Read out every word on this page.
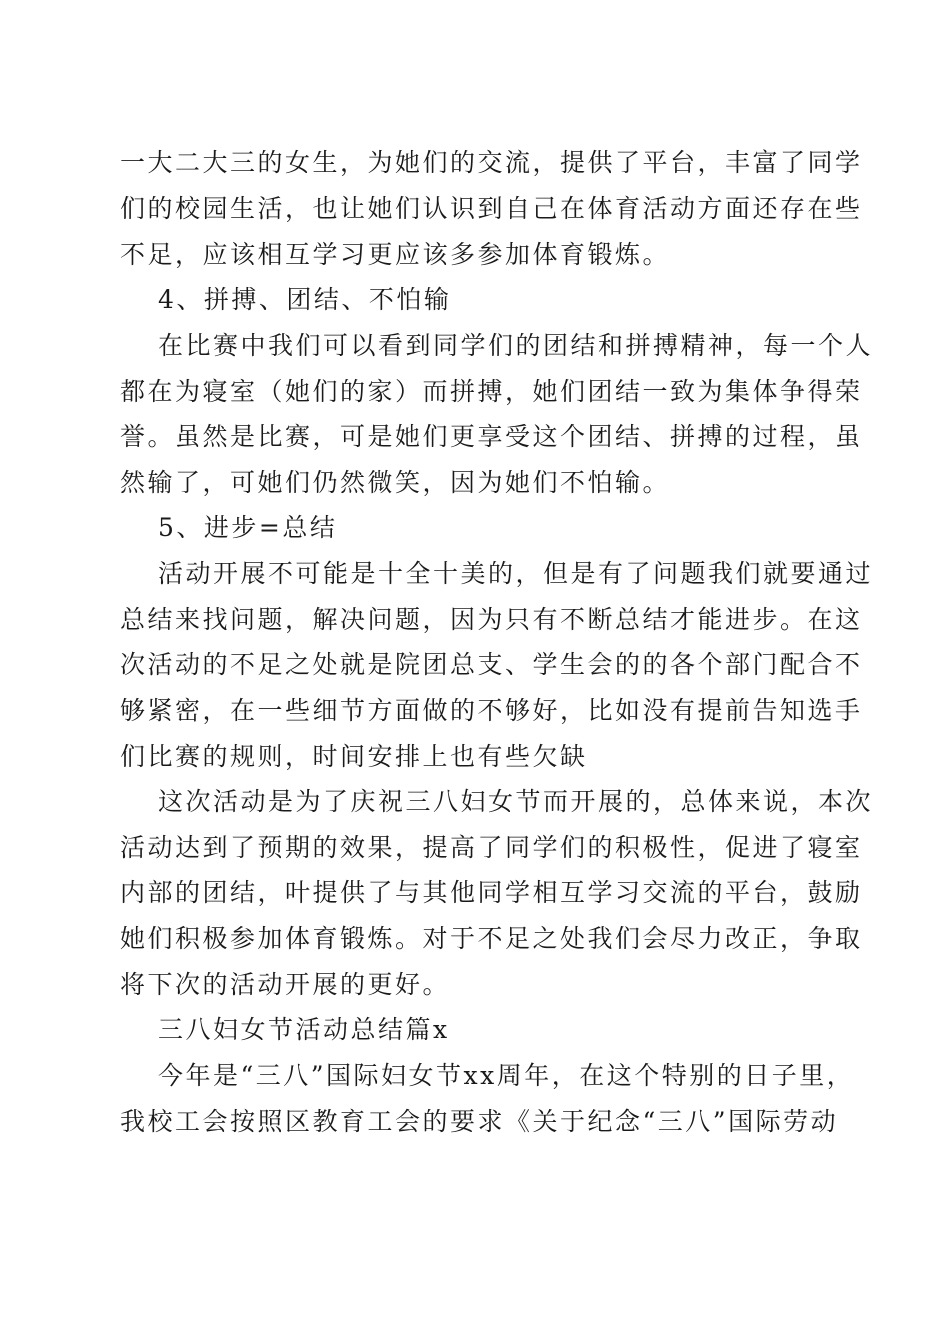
一大二大三的女生，为她们的交流，提供了平台，丰富了同学
们的校园生活，也让她们认识到自己在体育活动方面还存在些
不足，应该相互学习更应该多参加体育锻炼。
4、拼搏、团结、不怕输
在比赛中我们可以看到同学们的团结和拼搏精神，每一个人
都在为寝室（她们的家）而拼搏，她们团结一致为集体争得荣
誉。虽然是比赛，可是她们更享受这个团结、拼搏的过程，虽
然输了，可她们仍然微笑，因为她们不怕输。
5、进步=总结
活动开展不可能是十全十美的，但是有了问题我们就要通过
总结来找问题，解决问题，因为只有不断总结才能进步。在这
次活动的不足之处就是院团总支、学生会的的各个部门配合不
够紧密，在一些细节方面做的不够好，比如没有提前告知选手
们比赛的规则，时间安排上也有些欠缺
这次活动是为了庆祝三八妇女节而开展的，总体来说，本次
活动达到了预期的效果，提高了同学们的积极性，促进了寝室
内部的团结，叶提供了与其他同学相互学习交流的平台，鼓励
她们积极参加体育锻炼。对于不足之处我们会尽力改正，争取
将下次的活动开展的更好。
三八妇女节活动总结篇x
今年是“三八”国际妇女节xx周年，在这个特别的日子里，
我校工会按照区教育工会的要求《关于纪念“三八”国际劳动
